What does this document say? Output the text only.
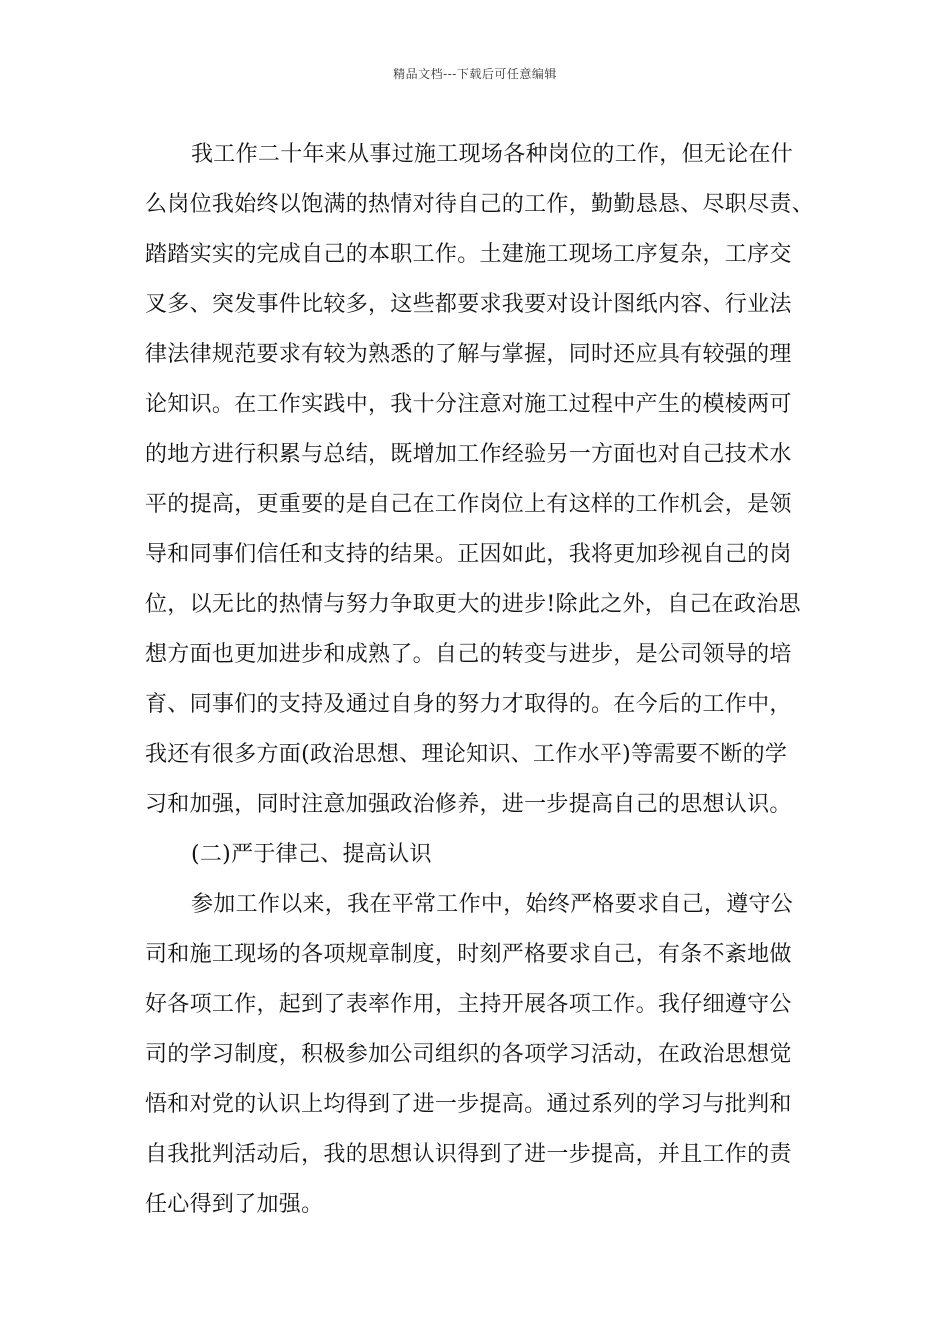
精品文档---下载后可任意编辑
我工作二十年来从事过施工现场各种岗位的工作，但无论在什
么岗位我始终以饱满的热情对待自己的工作，勤勤恳恳、尽职尽责、
踏踏实实的完成自己的本职工作。土建施工现场工序复杂，工序交
叉多、突发事件比较多，这些都要求我要对设计图纸内容、行业法
律法律规范要求有较为熟悉的了解与掌握，同时还应具有较强的理
论知识。在工作实践中，我十分注意对施工过程中产生的模棱两可
的地方进行积累与总结，既增加工作经验另一方面也对自己技术水
平的提高，更重要的是自己在工作岗位上有这样的工作机会，是领
导和同事们信任和支持的结果。正因如此，我将更加珍视自己的岗
位，以无比的热情与努力争取更大的进步!除此之外，自己在政治思
想方面也更加进步和成熟了。自己的转变与进步，是公司领导的培
育、同事们的支持及通过自身的努力才取得的。在今后的工作中，
我还有很多方面(政治思想、理论知识、工作水平)等需要不断的学
习和加强，同时注意加强政治修养，进一步提高自己的思想认识。
(二)严于律己、提高认识
参加工作以来，我在平常工作中，始终严格要求自己，遵守公
司和施工现场的各项规章制度，时刻严格要求自己，有条不紊地做
好各项工作，起到了表率作用，主持开展各项工作。我仔细遵守公
司的学习制度，积极参加公司组织的各项学习活动，在政治思想觉
悟和对党的认识上均得到了进一步提高。通过系列的学习与批判和
自我批判活动后，我的思想认识得到了进一步提高，并且工作的责
任心得到了加强。
